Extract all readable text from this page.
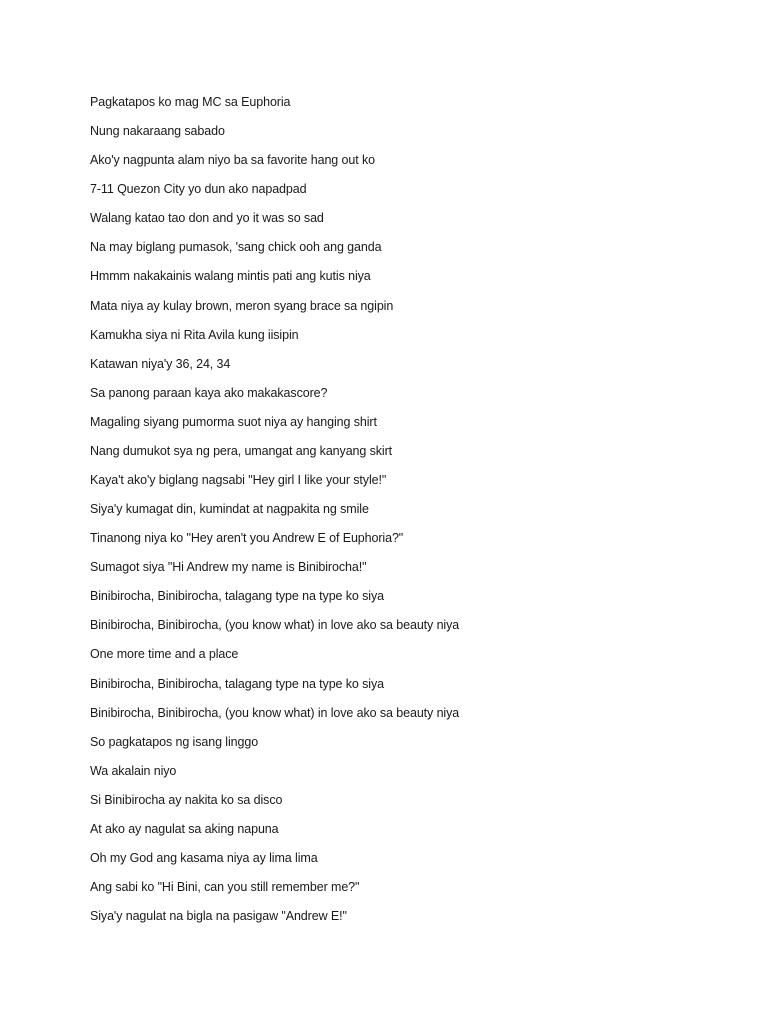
Pagkatapos ko mag MC sa Euphoria
Nung nakaraang sabado
Ako'y nagpunta alam niyo ba sa favorite hang out ko
7-11 Quezon City yo dun ako napadpad
Walang katao tao don and yo it was so sad
Na may biglang pumasok, 'sang chick ooh ang ganda
Hmmm nakakainis walang mintis pati ang kutis niya
Mata niya ay kulay brown, meron syang brace sa ngipin
Kamukha siya ni Rita Avila kung iisipin
Katawan niya'y 36, 24, 34
Sa panong paraan kaya ako makakascore?
Magaling siyang pumorma suot niya ay hanging shirt
Nang dumukot sya ng pera, umangat ang kanyang skirt
Kaya't ako'y biglang nagsabi "Hey girl I like your style!"
Siya'y kumagat din, kumindat at nagpakita ng smile
Tinanong niya ko "Hey aren't you Andrew E of Euphoria?"
Sumagot siya "Hi Andrew my name is Binibirocha!"
Binibirocha, Binibirocha, talagang type na type ko siya
Binibirocha, Binibirocha, (you know what) in love ako sa beauty niya
One more time and a place
Binibirocha, Binibirocha, talagang type na type ko siya
Binibirocha, Binibirocha, (you know what) in love ako sa beauty niya
So pagkatapos ng isang linggo
Wa akalain niyo
Si Binibirocha ay nakita ko sa disco
At ako ay nagulat sa aking napuna
Oh my God ang kasama niya ay lima lima
Ang sabi ko "Hi Bini, can you still remember me?"
Siya'y nagulat na bigla na pasigaw "Andrew E!"
